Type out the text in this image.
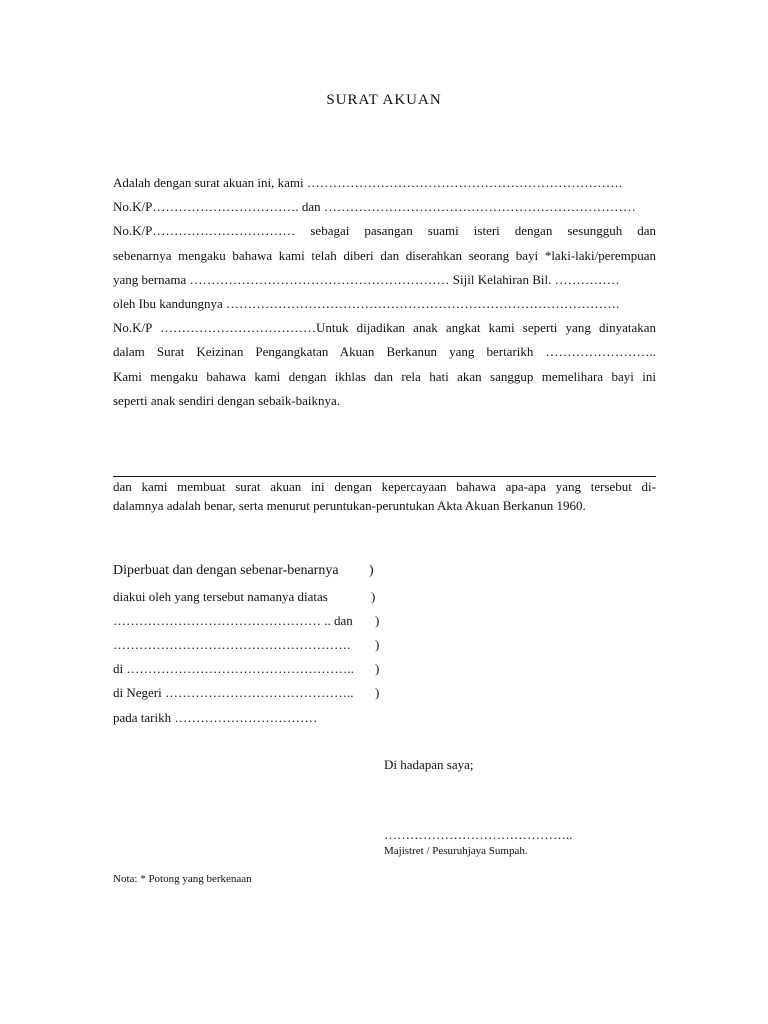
SURAT AKUAN
Adalah dengan surat akuan ini, kami ……………………………………………………………….
No.K/P……………………………. dan ………………………………………………………………
No.K/P…………………………… sebagai pasangan suami isteri dengan sesungguh dan
sebenarnya mengaku bahawa kami telah diberi dan diserahkan seorang bayi *laki-laki/perempuan
yang bernama …………………………………………………… Sijil Kelahiran Bil. ……………
oleh Ibu kandungnya ……………………………………………………………………………….
No.K/P ………………………………Untuk dijadikan anak angkat kami seperti yang dinyatakan
dalam Surat Keizinan Pengangkatan Akuan Berkanun yang bertarikh ……………………..
Kami mengaku bahawa kami dengan ikhlas dan rela hati akan sanggup memelihara bayi ini
seperti anak sendiri dengan sebaik-baiknya.
dan kami membuat surat akuan ini dengan kepercayaan bahawa apa-apa yang tersebut di-
dalamnya adalah benar, serta menurut peruntukan-peruntukan Akta Akuan Berkanun 1960.
Diperbuat dan dengan sebenar-benarnya )
diakui oleh yang tersebut namanya diatas	)
………………………………………… .. dan )
………………………………………………. )
di …………………………………………….. )
di Negeri …………………………………….. )
pada tarikh ……………………………
Di hadapan saya;
……………………………………..
Majistret / Pesuruhjaya Sumpah.
Nota: * Potong yang berkenaan
